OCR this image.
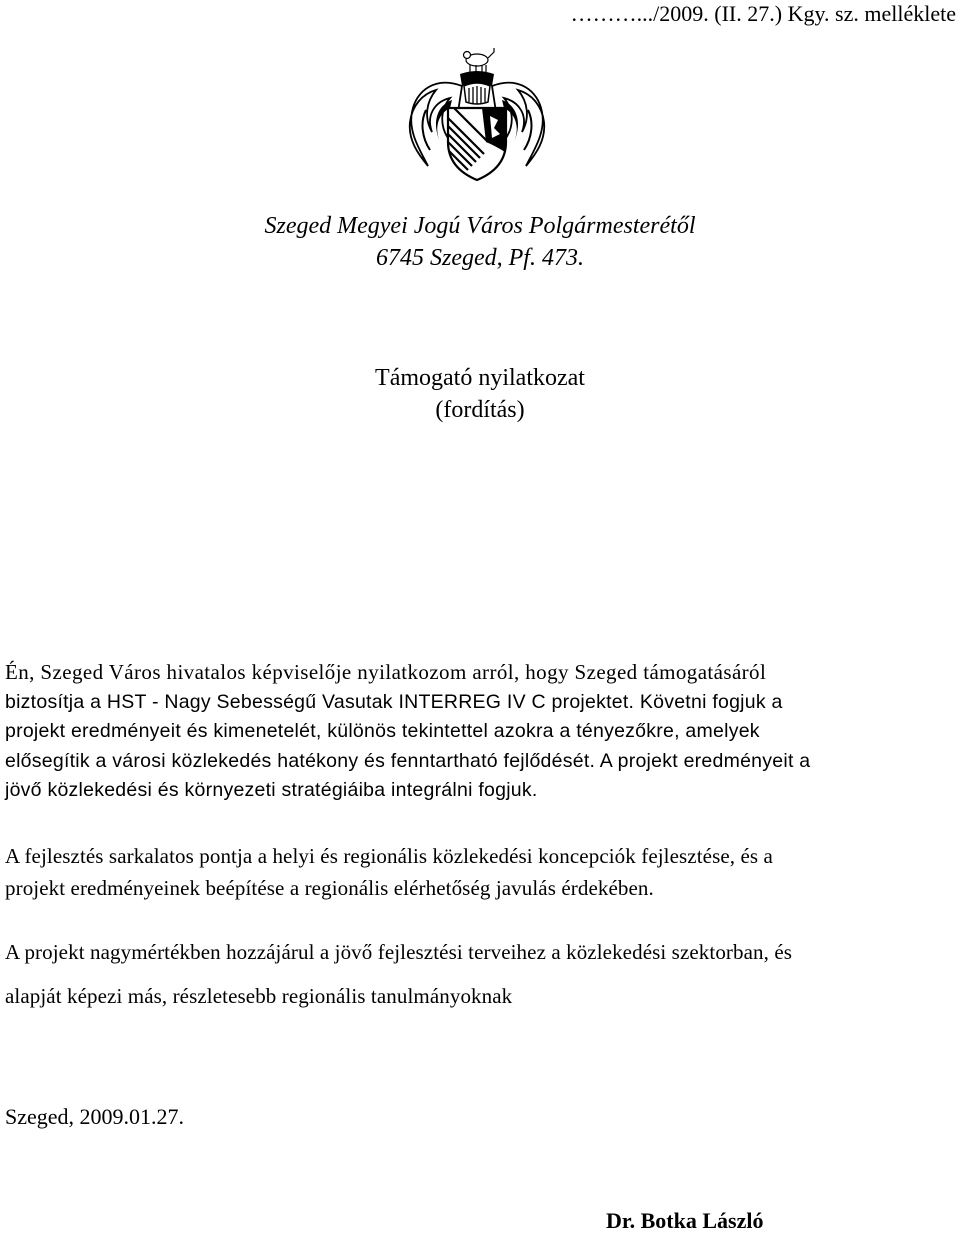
……….../2009. (II. 27.) Kgy. sz. melléklete
Szeged Megyei Jogú Város Polgármesterétől
6745 Szeged, Pf. 473.
Támogató nyilatkozat
(fordítás)
Én, Szeged Város hivatalos képviselője nyilatkozom arról, hogy Szeged támogatásáról
biztosítja a HST - Nagy Sebességű Vasutak INTERREG IV C projektet. Követni fogjuk a
projekt eredményeit és kimenetelét, különös tekintettel azokra a tényezőkre, amelyek
elősegítik a városi közlekedés hatékony és fenntartható fejlődését. A projekt eredményeit a
jövő közlekedési és környezeti stratégiáiba integrálni fogjuk.
A fejlesztés sarkalatos pontja a helyi és regionális közlekedési koncepciók fejlesztése, és a
projekt eredményeinek beépítése a regionális elérhetőség javulás érdekében.
A projekt nagymértékben hozzájárul a jövő fejlesztési terveihez a közlekedési szektorban, és
alapját képezi más, részletesebb regionális tanulmányoknak
Szeged, 2009.01.27.
Dr. Botka László
